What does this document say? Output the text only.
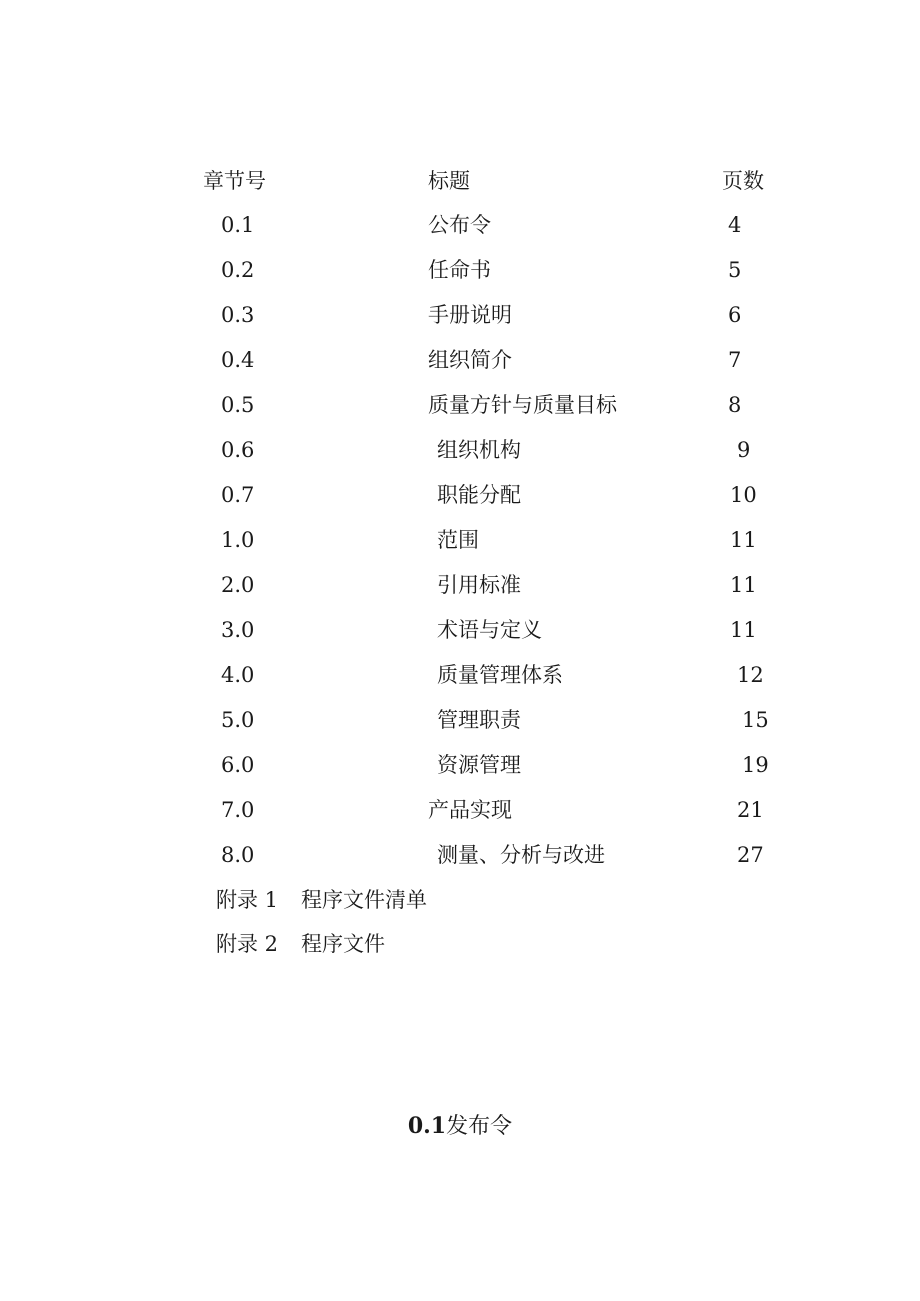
章节号	标题	页数
0.1	公布令	4
0.2	任命书	5
0.3	手册说明	6
0.4	组织简介	7
0.5	质量方针与质量目标	8
0.6	组织机构	9
0.7	职能分配	10
1.0	范围	11
2.0	引用标准	11
3.0	术语与定义	11
4.0	质量管理体系	12
5.0	管理职责	15
6.0	资源管理	19
7.0	产品实现	21
8.0	测量、分析与改进	27
附录 1 程序文件清单
附录 2 程序文件
0.1发布令
